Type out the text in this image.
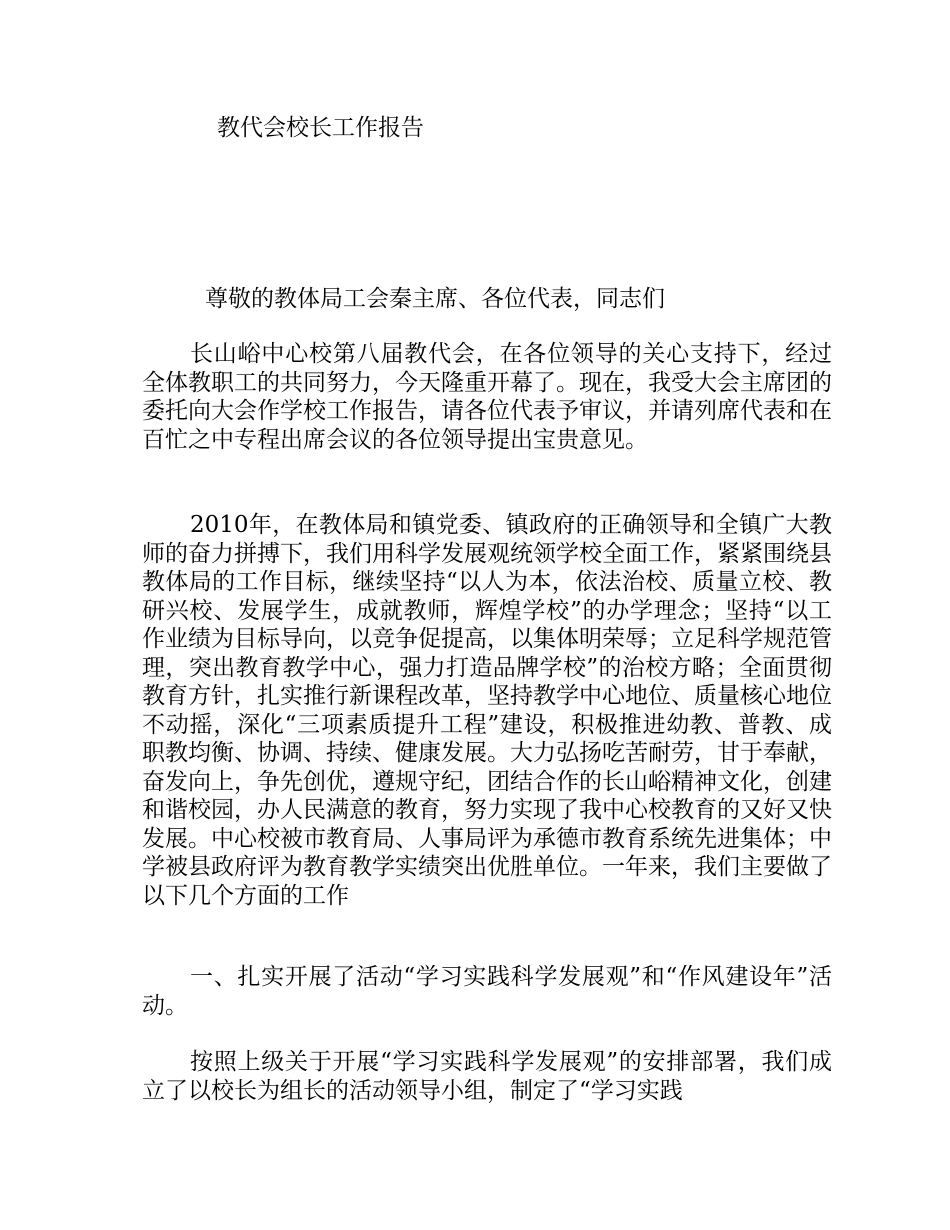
教代会校长工作报告
尊敬的教体局工会秦主席、各位代表，同志们

长山峪中心校第八届教代会，在各位领导的关心支持下，经过全体教职工的共同努力，今天隆重开幕了。现在，我受大会主席团的委托向大会作学校工作报告，请各位代表予审议，并请列席代表和在百忙之中专程出席会议的各位领导提出宝贵意见。

2010年，在教体局和镇党委、镇政府的正确领导和全镇广大教师的奋力拼搏下，我们用科学发展观统领学校全面工作，紧紧围绕县教体局的工作目标，继续坚持“以人为本，依法治校、质量立校、教研兴校、发展学生，成就教师，辉煌学校”的办学理念；坚持“以工作业绩为目标导向，以竞争促提高，以集体明荣辱；立足科学规范管理，突出教育教学中心，强力打造品牌学校”的治校方略；全面贯彻教育方针，扎实推行新课程改革，坚持教学中心地位、质量核心地位不动摇，深化“三项素质提升工程”建设，积极推进幼教、普教、成职教均衡、协调、持续、健康发展。大力弘扬吃苦耐劳，甘于奉献，奋发向上，争先创优，遵规守纪，团结合作的长山峪精神文化，创建和谐校园，办人民满意的教育，努力实现了我中心校教育的又好又快发展。中心校被市教育局、人事局评为承德市教育系统先进集体；中学被县政府评为教育教学实绩突出优胜单位。一年来，我们主要做了以下几个方面的工作

一、扎实开展了活动“学习实践科学发展观”和“作风建设年”活动。

按照上级关于开展“学习实践科学发展观”的安排部署，我们成立了以校长为组长的活动领导小组，制定了“学习实践
